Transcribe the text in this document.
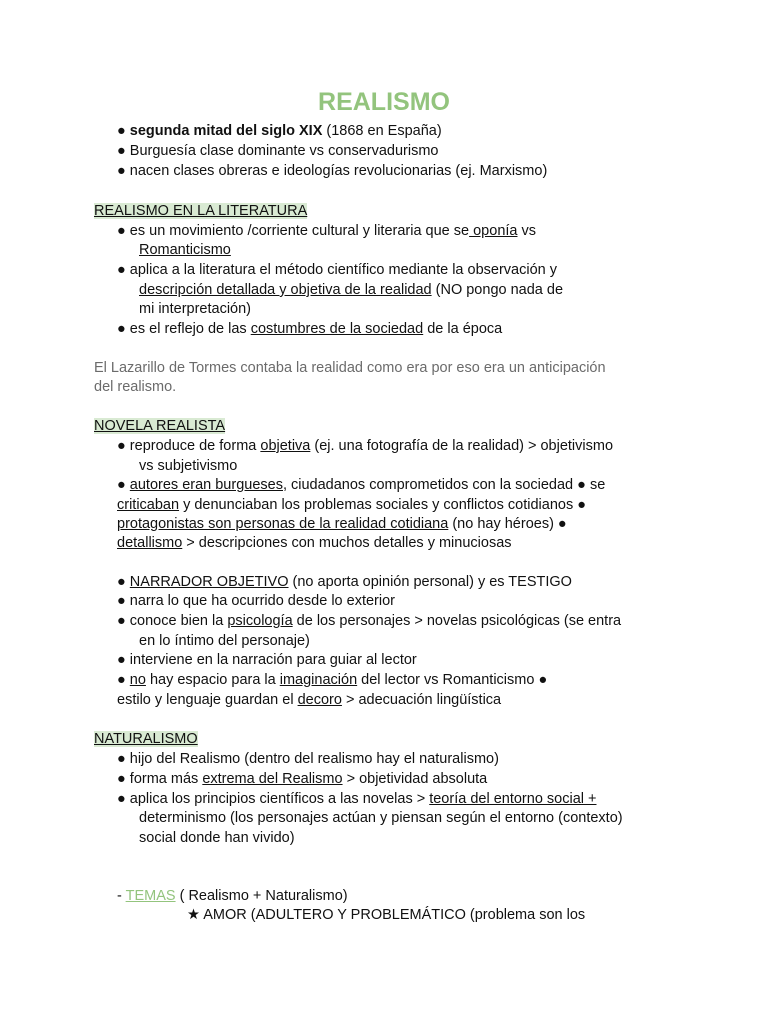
REALISMO
● segunda mitad del siglo XIX (1868 en España)
● Burguesía clase dominante vs conservadurismo
● nacen clases obreras e ideologías revolucionarias (ej. Marxismo)
REALISMO EN LA LITERATURA
● es un movimiento /corriente cultural y literaria que se oponía vs
Romanticismo
● aplica a la literatura el método científico mediante la observación y
descripción detallada y objetiva de la realidad (NO pongo nada de
mi interpretación)
● es el reflejo de las costumbres de la sociedad de la época
El Lazarillo de Tormes contaba la realidad como era por eso era un anticipación
del realismo.
NOVELA REALISTA
● reproduce de forma objetiva (ej. una fotografía de la realidad) > objetivismo
vs subjetivismo
● autores eran burgueses, ciudadanos comprometidos con la sociedad ● se
criticaban y denunciaban los problemas sociales y conflictos cotidianos ●
protagonistas son personas de la realidad cotidiana (no hay héroes) ●
detallismo > descripciones con muchos detalles y minuciosas
● NARRADOR OBJETIVO (no aporta opinión personal) y es TESTIGO
● narra lo que ha ocurrido desde lo exterior
● conoce bien la psicología de los personajes > novelas psicológicas (se entra
en lo íntimo del personaje)
● interviene en la narración para guiar al lector
● no hay espacio para la imaginación del lector vs Romanticismo ●
estilo y lenguaje guardan el decoro > adecuación lingüística
NATURALISMO
● hijo del Realismo (dentro del realismo hay el naturalismo)
● forma más extrema del Realismo > objetividad absoluta
● aplica los principios científicos a las novelas > teoría del entorno social +
determinismo (los personajes actúan y piensan según el entorno (contexto)
social donde han vivido)
- TEMAS ( Realismo + Naturalismo)
★ AMOR (ADULTERO Y PROBLEMÁTICO (problema son los
